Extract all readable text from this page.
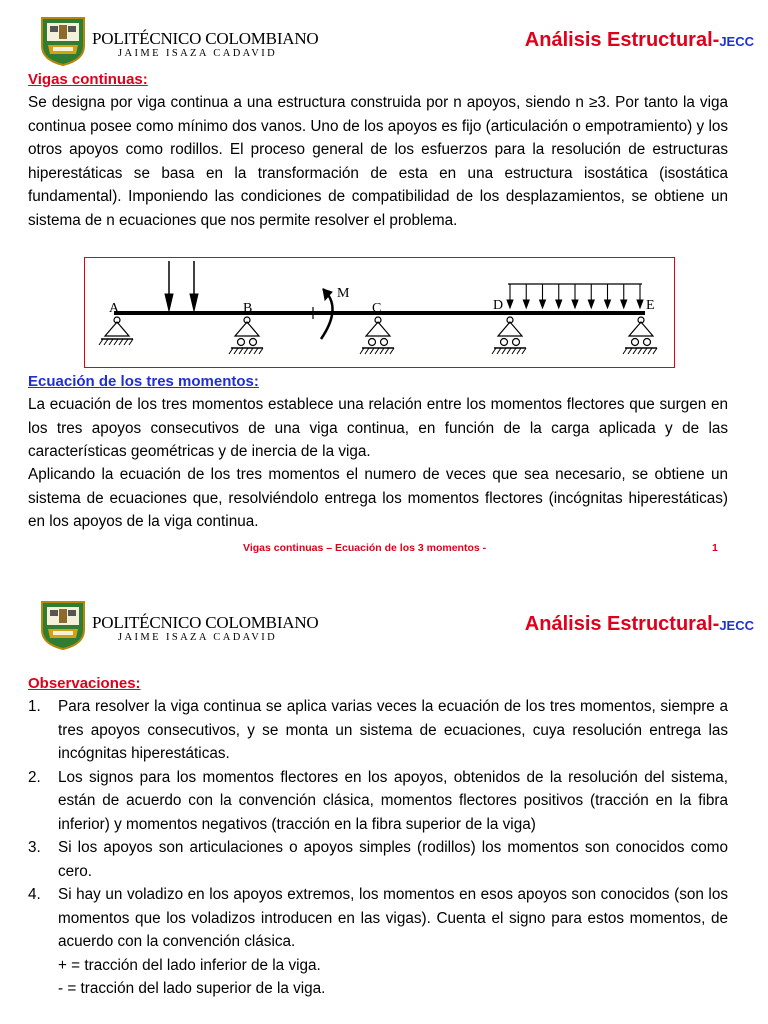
POLITÉCNICO COLOMBIANO
JAIME ISAZA CADAVID
Análisis Estructural-JECC
Vigas continuas:

Se designa por viga continua a una estructura construida por n apoyos, siendo n ≥3. Por tanto la viga continua posee como mínimo dos vanos. Uno de los apoyos es fijo (articulación o empotramiento) y los otros apoyos como rodillos. El proceso general de los esfuerzos para la resolución de estructuras hiperestáticas se basa en la transformación de esta en una estructura isostática (isostática fundamental). Imponiendo las condiciones de compatibilidad de los desplazamientos, se obtiene un sistema de n ecuaciones que nos permite resolver el problema.

A	B
M
C	D	E
Ecuación de los tres momentos:

La ecuación de los tres momentos establece una relación entre los momentos flectores que surgen en los tres apoyos consecutivos de una viga continua, en función de la carga aplicada y de las características geométricas y de inercia de la viga.

Aplicando la ecuación de los tres momentos el numero de veces que sea necesario, se obtiene un sistema de ecuaciones que, resolviéndolo entrega los momentos flectores (incógnitas hiperestáticas) en los apoyos de la viga continua.

Vigas continuas – Ecuación de los 3 momentos -	1
POLITÉCNICO COLOMBIANO
JAIME ISAZA CADAVID
Análisis Estructural-JECC
Observaciones:
1. Para resolver la viga continua se aplica varias veces la ecuación de los tres momentos, siempre a tres apoyos consecutivos, y se monta un sistema de ecuaciones, cuya resolución entrega las incógnitas hiperestáticas.
2. Los signos para los momentos flectores en los apoyos, obtenidos de la resolución del sistema, están de acuerdo con la convención clásica, momentos flectores positivos (tracción en la fibra inferior) y momentos negativos (tracción en la fibra superior de la viga)
3. Si los apoyos son articulaciones o apoyos simples (rodillos) los momentos son conocidos como cero.
4. Si hay un voladizo en los apoyos extremos, los momentos en esos apoyos son conocidos (son los momentos que los voladizos introducen en las vigas). Cuenta el signo para estos momentos, de acuerdo con la convención clásica.
+ = tracción del lado inferior de la viga.
- = tracción del lado superior de la viga.
